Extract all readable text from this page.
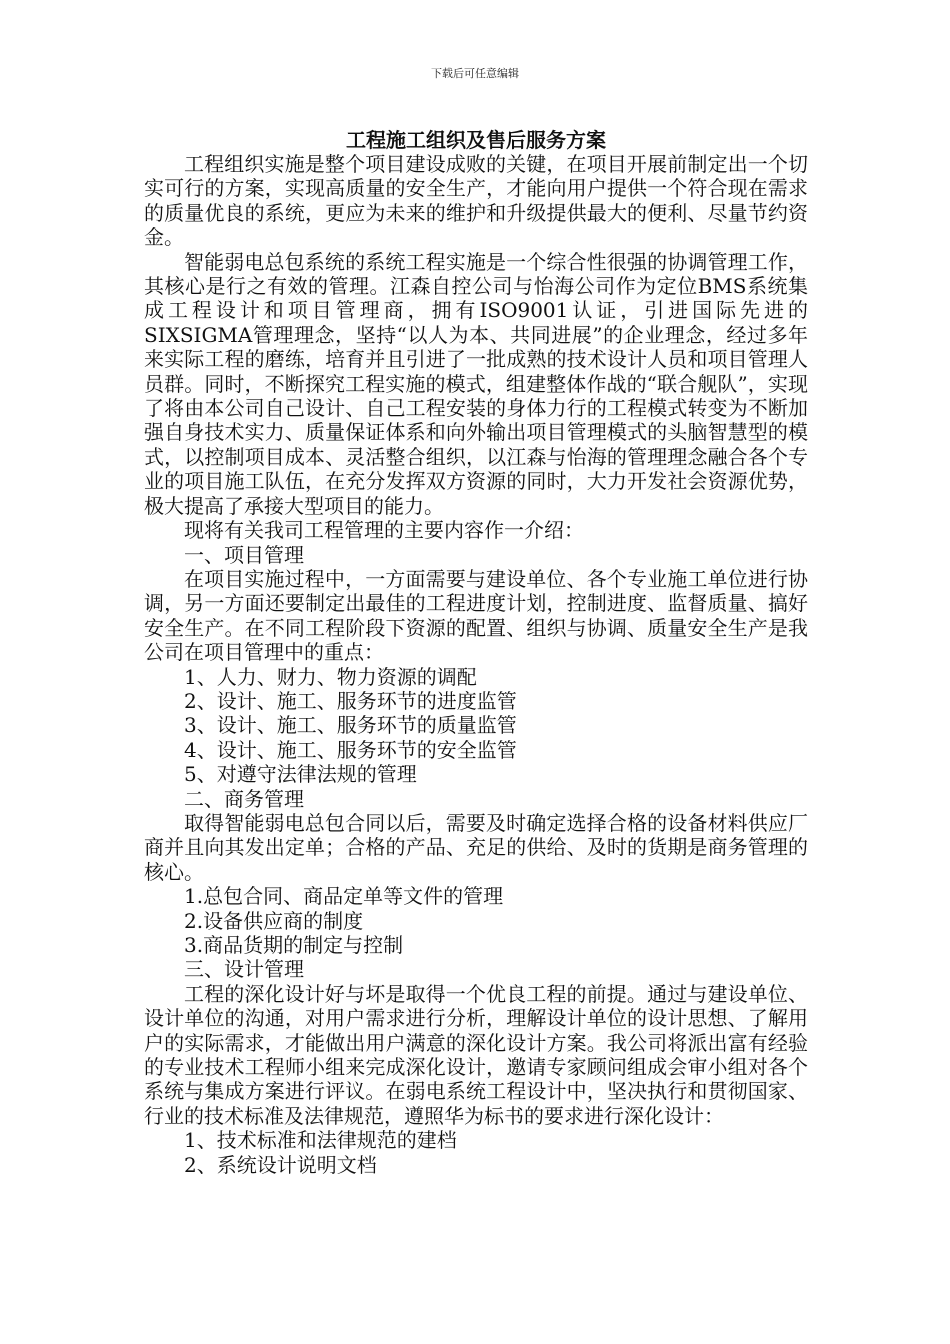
下载后可任意编辑
工程施工组织及售后服务方案

工程组织实施是整个项目建设成败的关键，在项目开展前制定出一个切实可行的方案，实现高质量的安全生产，才能向用户提供一个符合现在需求的质量优良的系统，更应为未来的维护和升级提供最大的便利、尽量节约资金。

智能弱电总包系统的系统工程实施是一个综合性很强的协调管理工作，其核心是行之有效的管理。江森自控公司与怡海公司作为定位BMS系统集成工程设计和项目管理商，拥有ISO9001认证，引进国际先进的SIXSIGMA管理理念，坚持“以人为本、共同进展”的企业理念，经过多年来实际工程的磨练，培育并且引进了一批成熟的技术设计人员和项目管理人员群。同时，不断探究工程实施的模式，组建整体作战的“联合舰队”，实现了将由本公司自己设计、自己工程安装的身体力行的工程模式转变为不断加强自身技术实力、质量保证体系和向外输出项目管理模式的头脑智慧型的模式，以控制项目成本、灵活整合组织，以江森与怡海的管理理念融合各个专业的项目施工队伍，在充分发挥双方资源的同时，大力开发社会资源优势，极大提高了承接大型项目的能力。

现将有关我司工程管理的主要内容作一介绍：

一、项目管理

在项目实施过程中，一方面需要与建设单位、各个专业施工单位进行协调，另一方面还要制定出最佳的工程进度计划，控制进度、监督质量、搞好安全生产。在不同工程阶段下资源的配置、组织与协调、质量安全生产是我公司在项目管理中的重点：

1、人力、财力、物力资源的调配

2、设计、施工、服务环节的进度监管

3、设计、施工、服务环节的质量监管

4、设计、施工、服务环节的安全监管

5、对遵守法律法规的管理

二、商务管理

取得智能弱电总包合同以后，需要及时确定选择合格的设备材料供应厂商并且向其发出定单；合格的产品、充足的供给、及时的货期是商务管理的核心。

1.总包合同、商品定单等文件的管理

2.设备供应商的制度

3.商品货期的制定与控制

三、设计管理

工程的深化设计好与坏是取得一个优良工程的前提。通过与建设单位、设计单位的沟通，对用户需求进行分析，理解设计单位的设计思想、了解用户的实际需求，才能做出用户满意的深化设计方案。我公司将派出富有经验的专业技术工程师小组来完成深化设计，邀请专家顾问组成会审小组对各个系统与集成方案进行评议。在弱电系统工程设计中，坚决执行和贯彻国家、行业的技术标准及法律规范，遵照华为标书的要求进行深化设计：

1、技术标准和法律规范的建档

2、系统设计说明文档
